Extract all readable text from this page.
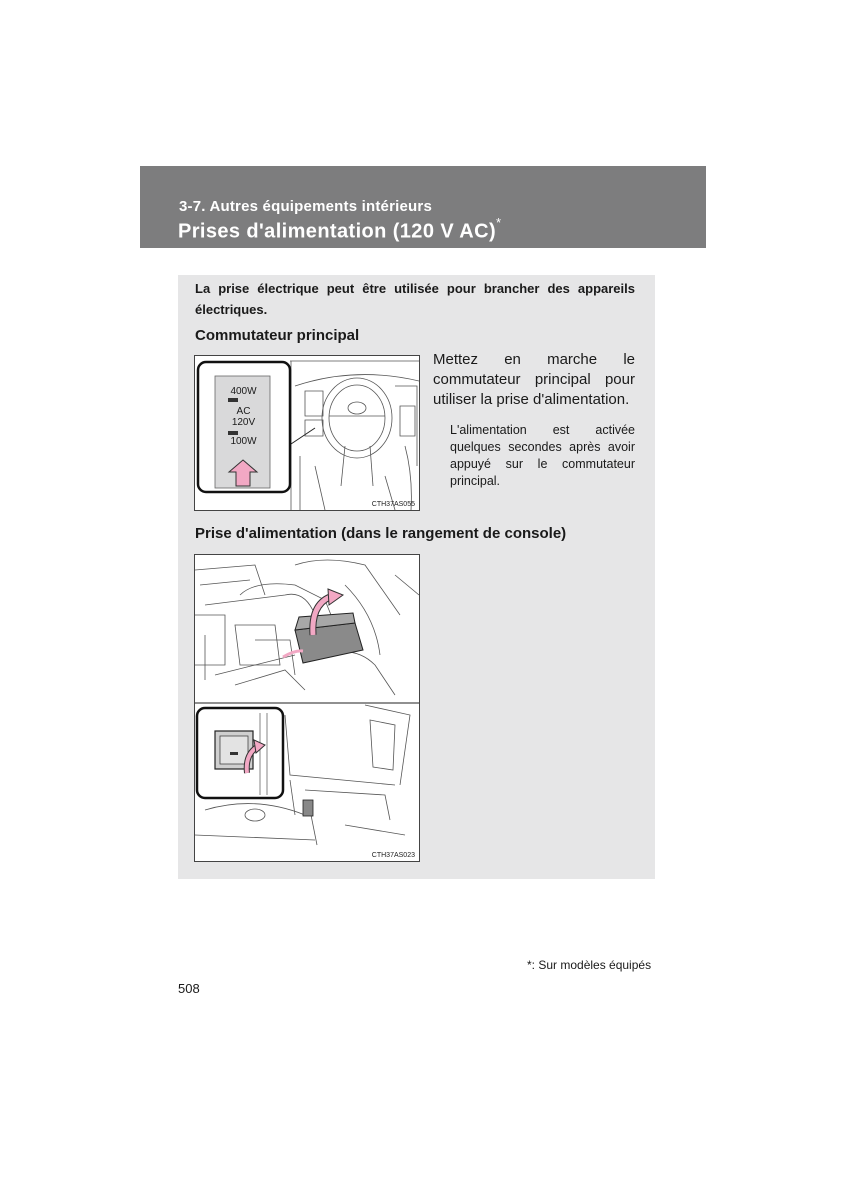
3-7. Autres équipements intérieurs
Prises d'alimentation (120 V AC)*
La prise électrique peut être utilisée pour brancher des appareils électriques.
Commutateur principal
400W
AC
120V
100W
CTH37AS055
Mettez en marche le commutateur principal pour utiliser la prise d'alimentation.
L'alimentation est activée quelques secondes après avoir appuyé sur le commutateur principal.
Prise d'alimentation (dans le rangement de console)
CTH37AS023
*: Sur modèles équipés
508
